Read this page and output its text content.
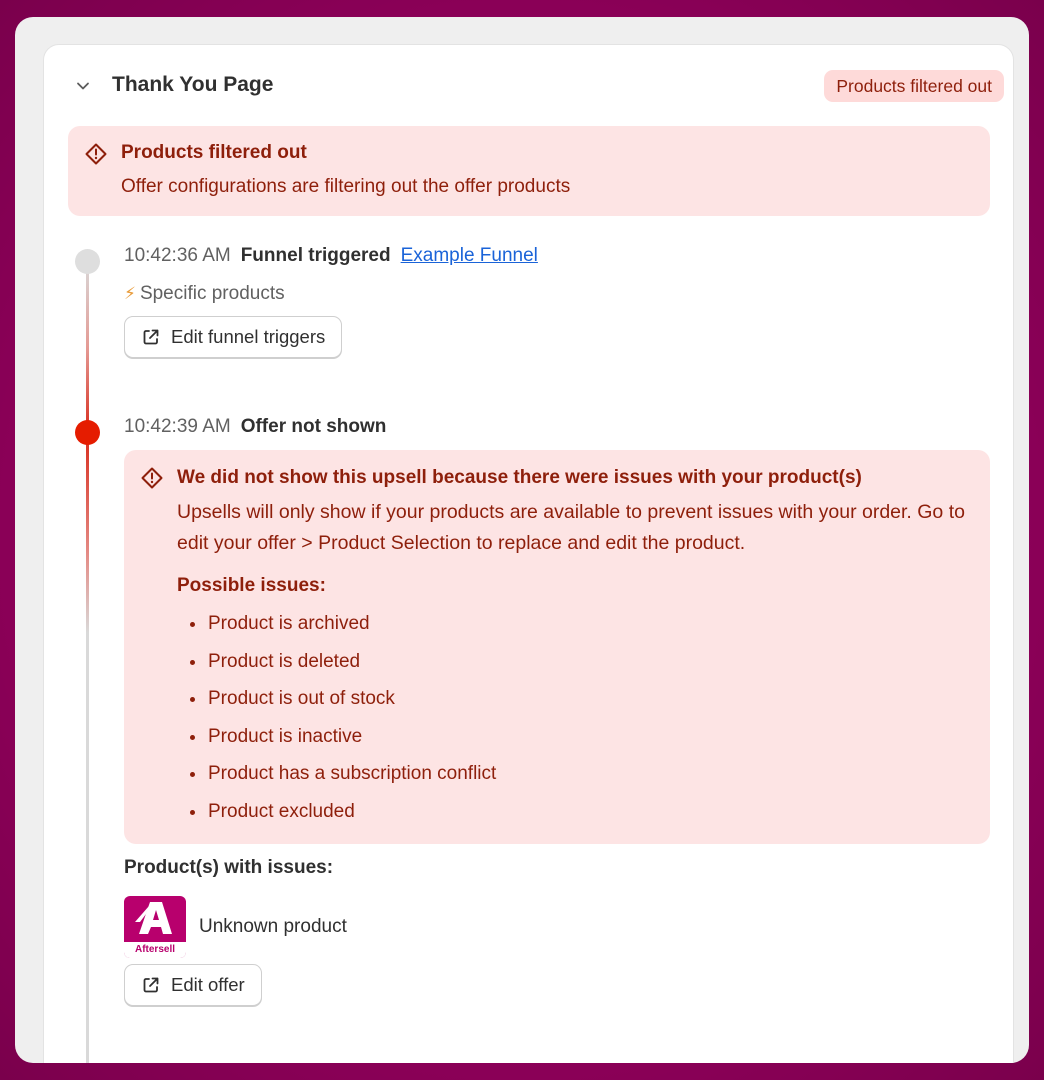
Thank You Page	Products filtered out
Products filtered out
Offer configurations are filtering out the offer products
10:42:36 AM Funnel triggered Example Funnel
⚡ Specific products
Edit funnel triggers
10:42:39 AM Offer not shown
We did not show this upsell because there were issues with your product(s)
Upsells will only show if your products are available to prevent issues with your order. Go to edit your offer > Product Selection to replace and edit the product.
Possible issues:
Product is archived
Product is deleted
Product is out of stock
Product is inactive
Product has a subscription conflict
Product excluded
Product(s) with issues:
Aftersell
Unknown product
Edit offer
